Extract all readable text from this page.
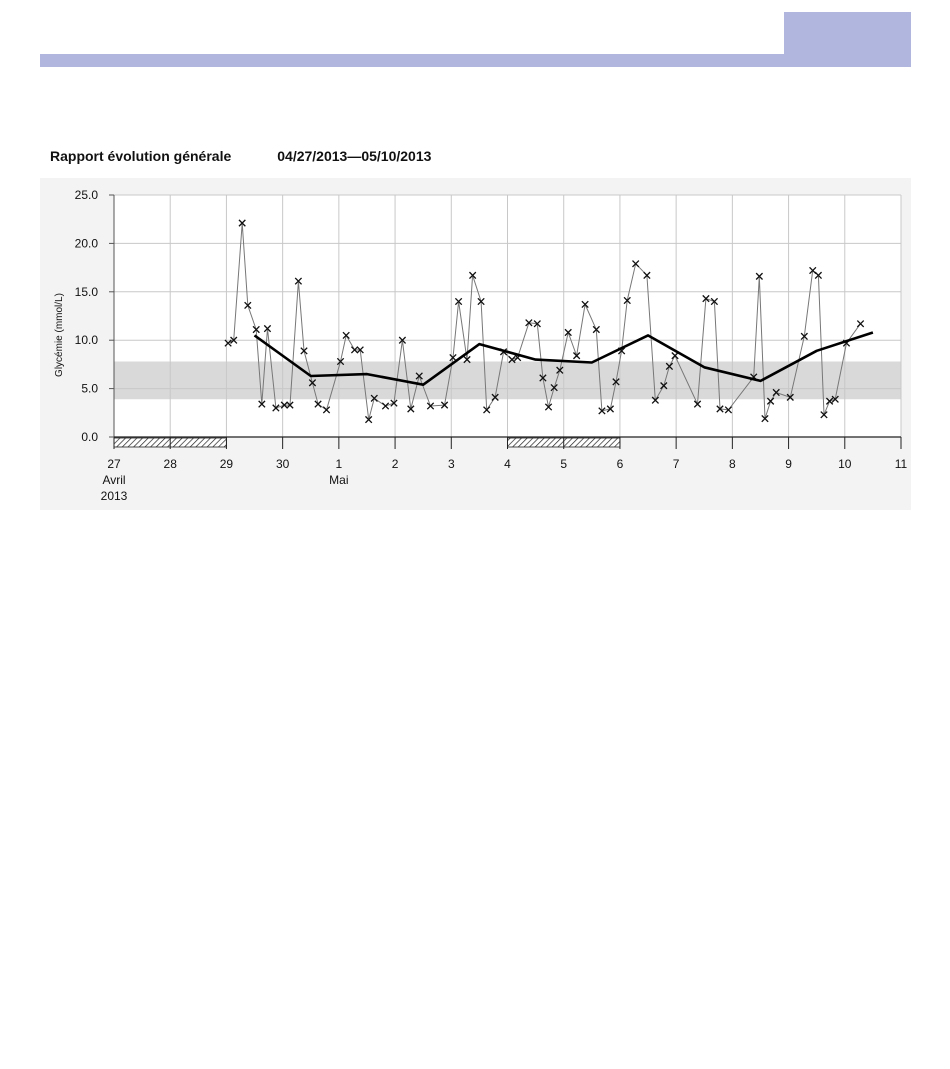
Rapport évolution générale	04/27/2013—05/10/2013
27
Avril
2013
28	29	30	1
Mai
2	3	4	5	6	7	8	9	10	11
0.0
5.0
10.0
15.0
20.0
25.0
Glycémie (mmol/L)
